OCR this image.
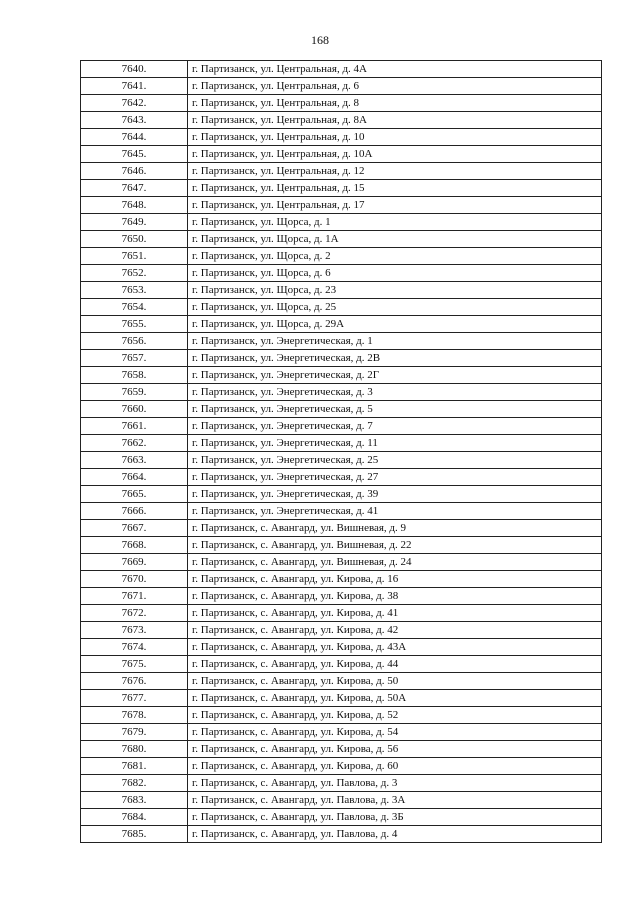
168
7640.	г. Партизанск, ул. Центральная, д. 4А
7641.	г. Партизанск, ул. Центральная, д. 6
7642.	г. Партизанск, ул. Центральная, д. 8
7643.	г. Партизанск, ул. Центральная, д. 8А
7644.	г. Партизанск, ул. Центральная, д. 10
7645.	г. Партизанск, ул. Центральная, д. 10А
7646.	г. Партизанск, ул. Центральная, д. 12
7647.	г. Партизанск, ул. Центральная, д. 15
7648.	г. Партизанск, ул. Центральная, д. 17
7649.	г. Партизанск, ул. Щорса, д. 1
7650.	г. Партизанск, ул. Щорса, д. 1А
7651.	г. Партизанск, ул. Щорса, д. 2
7652.	г. Партизанск, ул. Щорса, д. 6
7653.	г. Партизанск, ул. Щорса, д. 23
7654.	г. Партизанск, ул. Щорса, д. 25
7655.	г. Партизанск, ул. Щорса, д. 29А
7656.	г. Партизанск, ул. Энергетическая, д. 1
7657.	г. Партизанск, ул. Энергетическая, д. 2В
7658.	г. Партизанск, ул. Энергетическая, д. 2Г
7659.	г. Партизанск, ул. Энергетическая, д. 3
7660.	г. Партизанск, ул. Энергетическая, д. 5
7661.	г. Партизанск, ул. Энергетическая, д. 7
7662.	г. Партизанск, ул. Энергетическая, д. 11
7663.	г. Партизанск, ул. Энергетическая, д. 25
7664.	г. Партизанск, ул. Энергетическая, д. 27
7665.	г. Партизанск, ул. Энергетическая, д. 39
7666.	г. Партизанск, ул. Энергетическая, д. 41
7667.	г. Партизанск, с. Авангард, ул. Вишневая, д. 9
7668.	г. Партизанск, с. Авангард, ул. Вишневая, д. 22
7669.	г. Партизанск, с. Авангард, ул. Вишневая, д. 24
7670.	г. Партизанск, с. Авангард, ул. Кирова, д. 16
7671.	г. Партизанск, с. Авангард, ул. Кирова, д. 38
7672.	г. Партизанск, с. Авангард, ул. Кирова, д. 41
7673.	г. Партизанск, с. Авангард, ул. Кирова, д. 42
7674.	г. Партизанск, с. Авангард, ул. Кирова, д. 43А
7675.	г. Партизанск, с. Авангард, ул. Кирова, д. 44
7676.	г. Партизанск, с. Авангард, ул. Кирова, д. 50
7677.	г. Партизанск, с. Авангард, ул. Кирова, д. 50А
7678.	г. Партизанск, с. Авангард, ул. Кирова, д. 52
7679.	г. Партизанск, с. Авангард, ул. Кирова, д. 54
7680.	г. Партизанск, с. Авангард, ул. Кирова, д. 56
7681.	г. Партизанск, с. Авангард, ул. Кирова, д. 60
7682.	г. Партизанск, с. Авангард, ул. Павлова, д. 3
7683.	г. Партизанск, с. Авангард, ул. Павлова, д. 3А
7684.	г. Партизанск, с. Авангард, ул. Павлова, д. 3Б
7685.	г. Партизанск, с. Авангард, ул. Павлова, д. 4
